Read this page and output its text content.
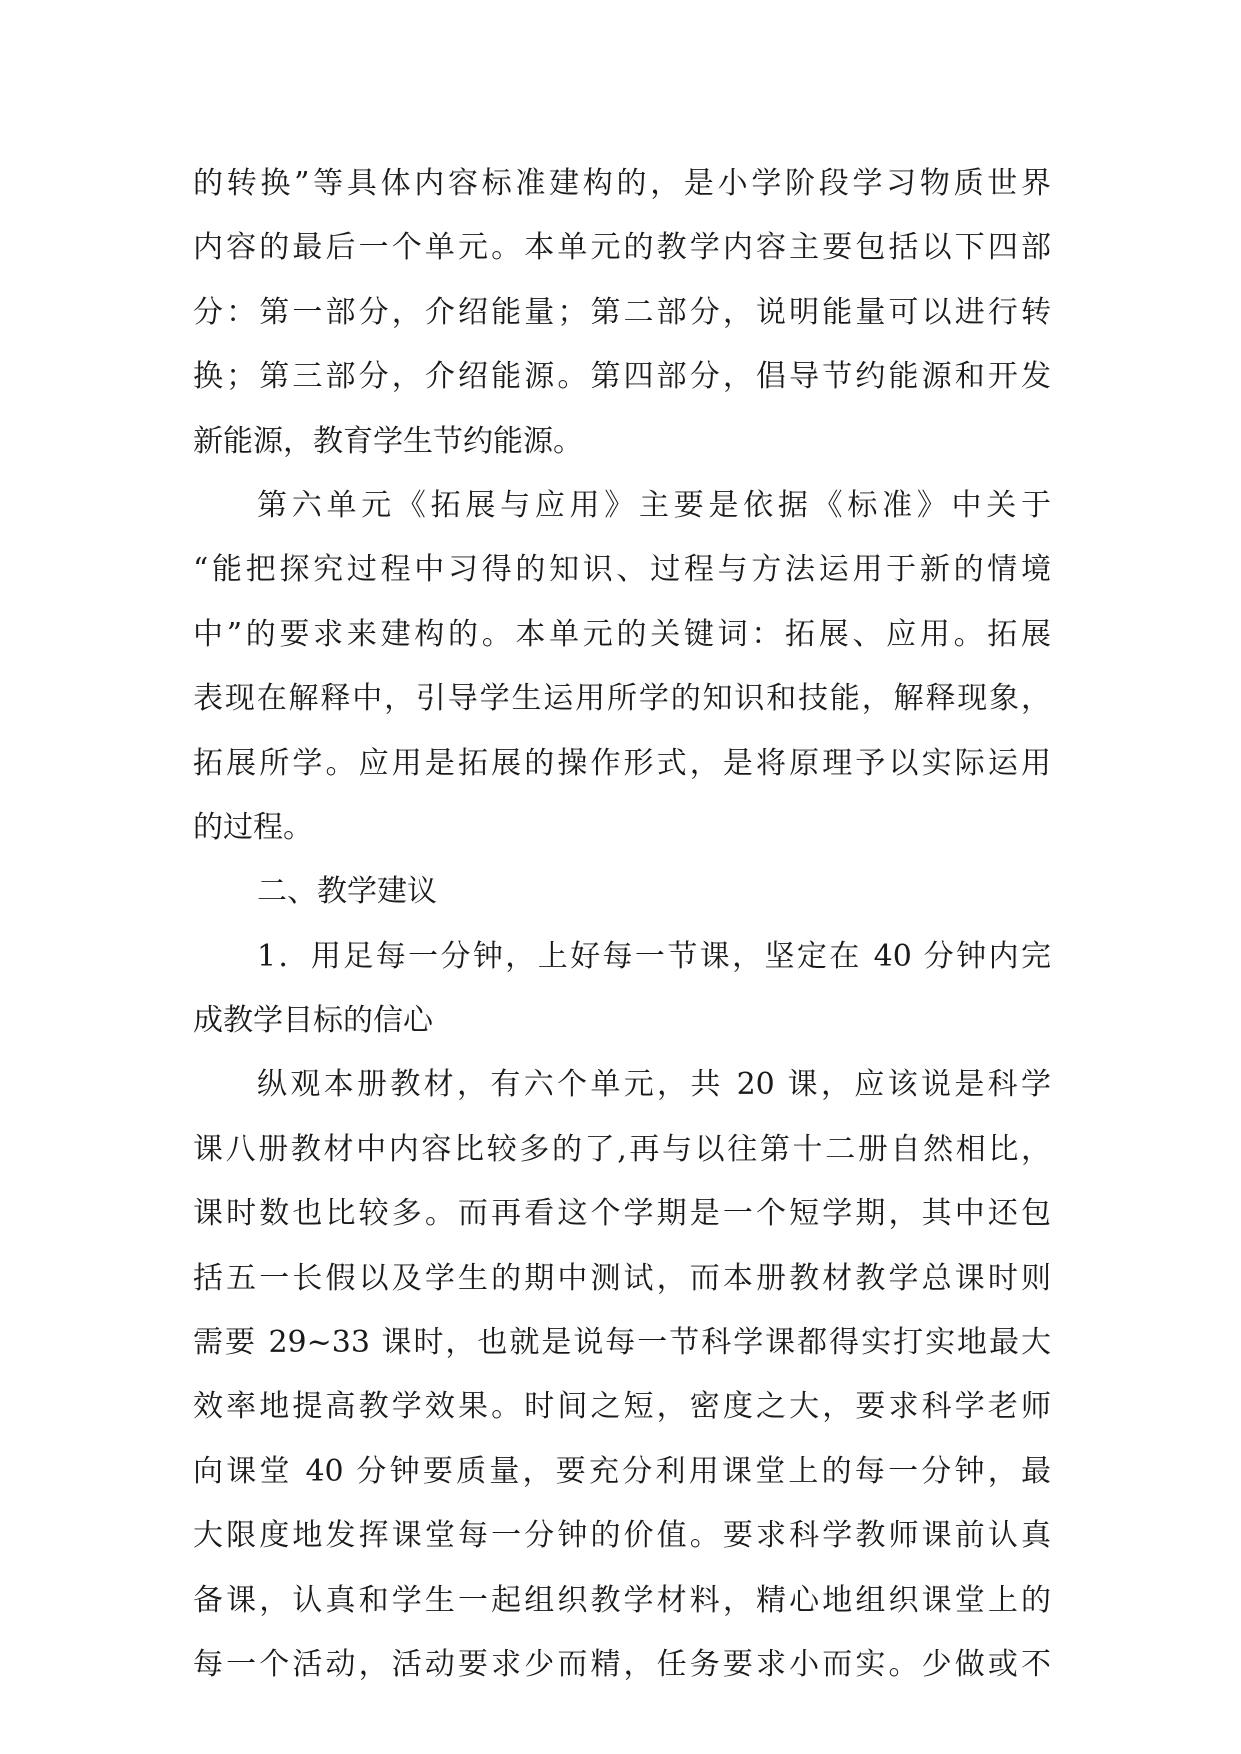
的转换”等具体内容标准建构的，是小学阶段学习物质世界
内容的最后一个单元。本单元的教学内容主要包括以下四部
分：第一部分，介绍能量；第二部分，说明能量可以进行转
换；第三部分，介绍能源。第四部分，倡导节约能源和开发
新能源，教育学生节约能源。
第六单元《拓展与应用》主要是依据《标准》中关于
“能把探究过程中习得的知识、过程与方法运用于新的情境
中”的要求来建构的。本单元的关键词：拓展、应用。拓展
表现在解释中，引导学生运用所学的知识和技能，解释现象，
拓展所学。应用是拓展的操作形式，是将原理予以实际运用
的过程。
二、教学建议
1．用足每一分钟，上好每一节课，坚定在 40 分钟内完
成教学目标的信心
纵观本册教材，有六个单元，共 20 课，应该说是科学
课八册教材中内容比较多的了,再与以往第十二册自然相比，
课时数也比较多。而再看这个学期是一个短学期，其中还包
括五一长假以及学生的期中测试，而本册教材教学总课时则
需要 29~33 课时，也就是说每一节科学课都得实打实地最大
效率地提高教学效果。时间之短，密度之大，要求科学老师
向课堂 40 分钟要质量，要充分利用课堂上的每一分钟，最
大限度地发挥课堂每一分钟的价值。要求科学教师课前认真
备课，认真和学生一起组织教学材料，精心地组织课堂上的
每一个活动，活动要求少而精，任务要求小而实。少做或不
